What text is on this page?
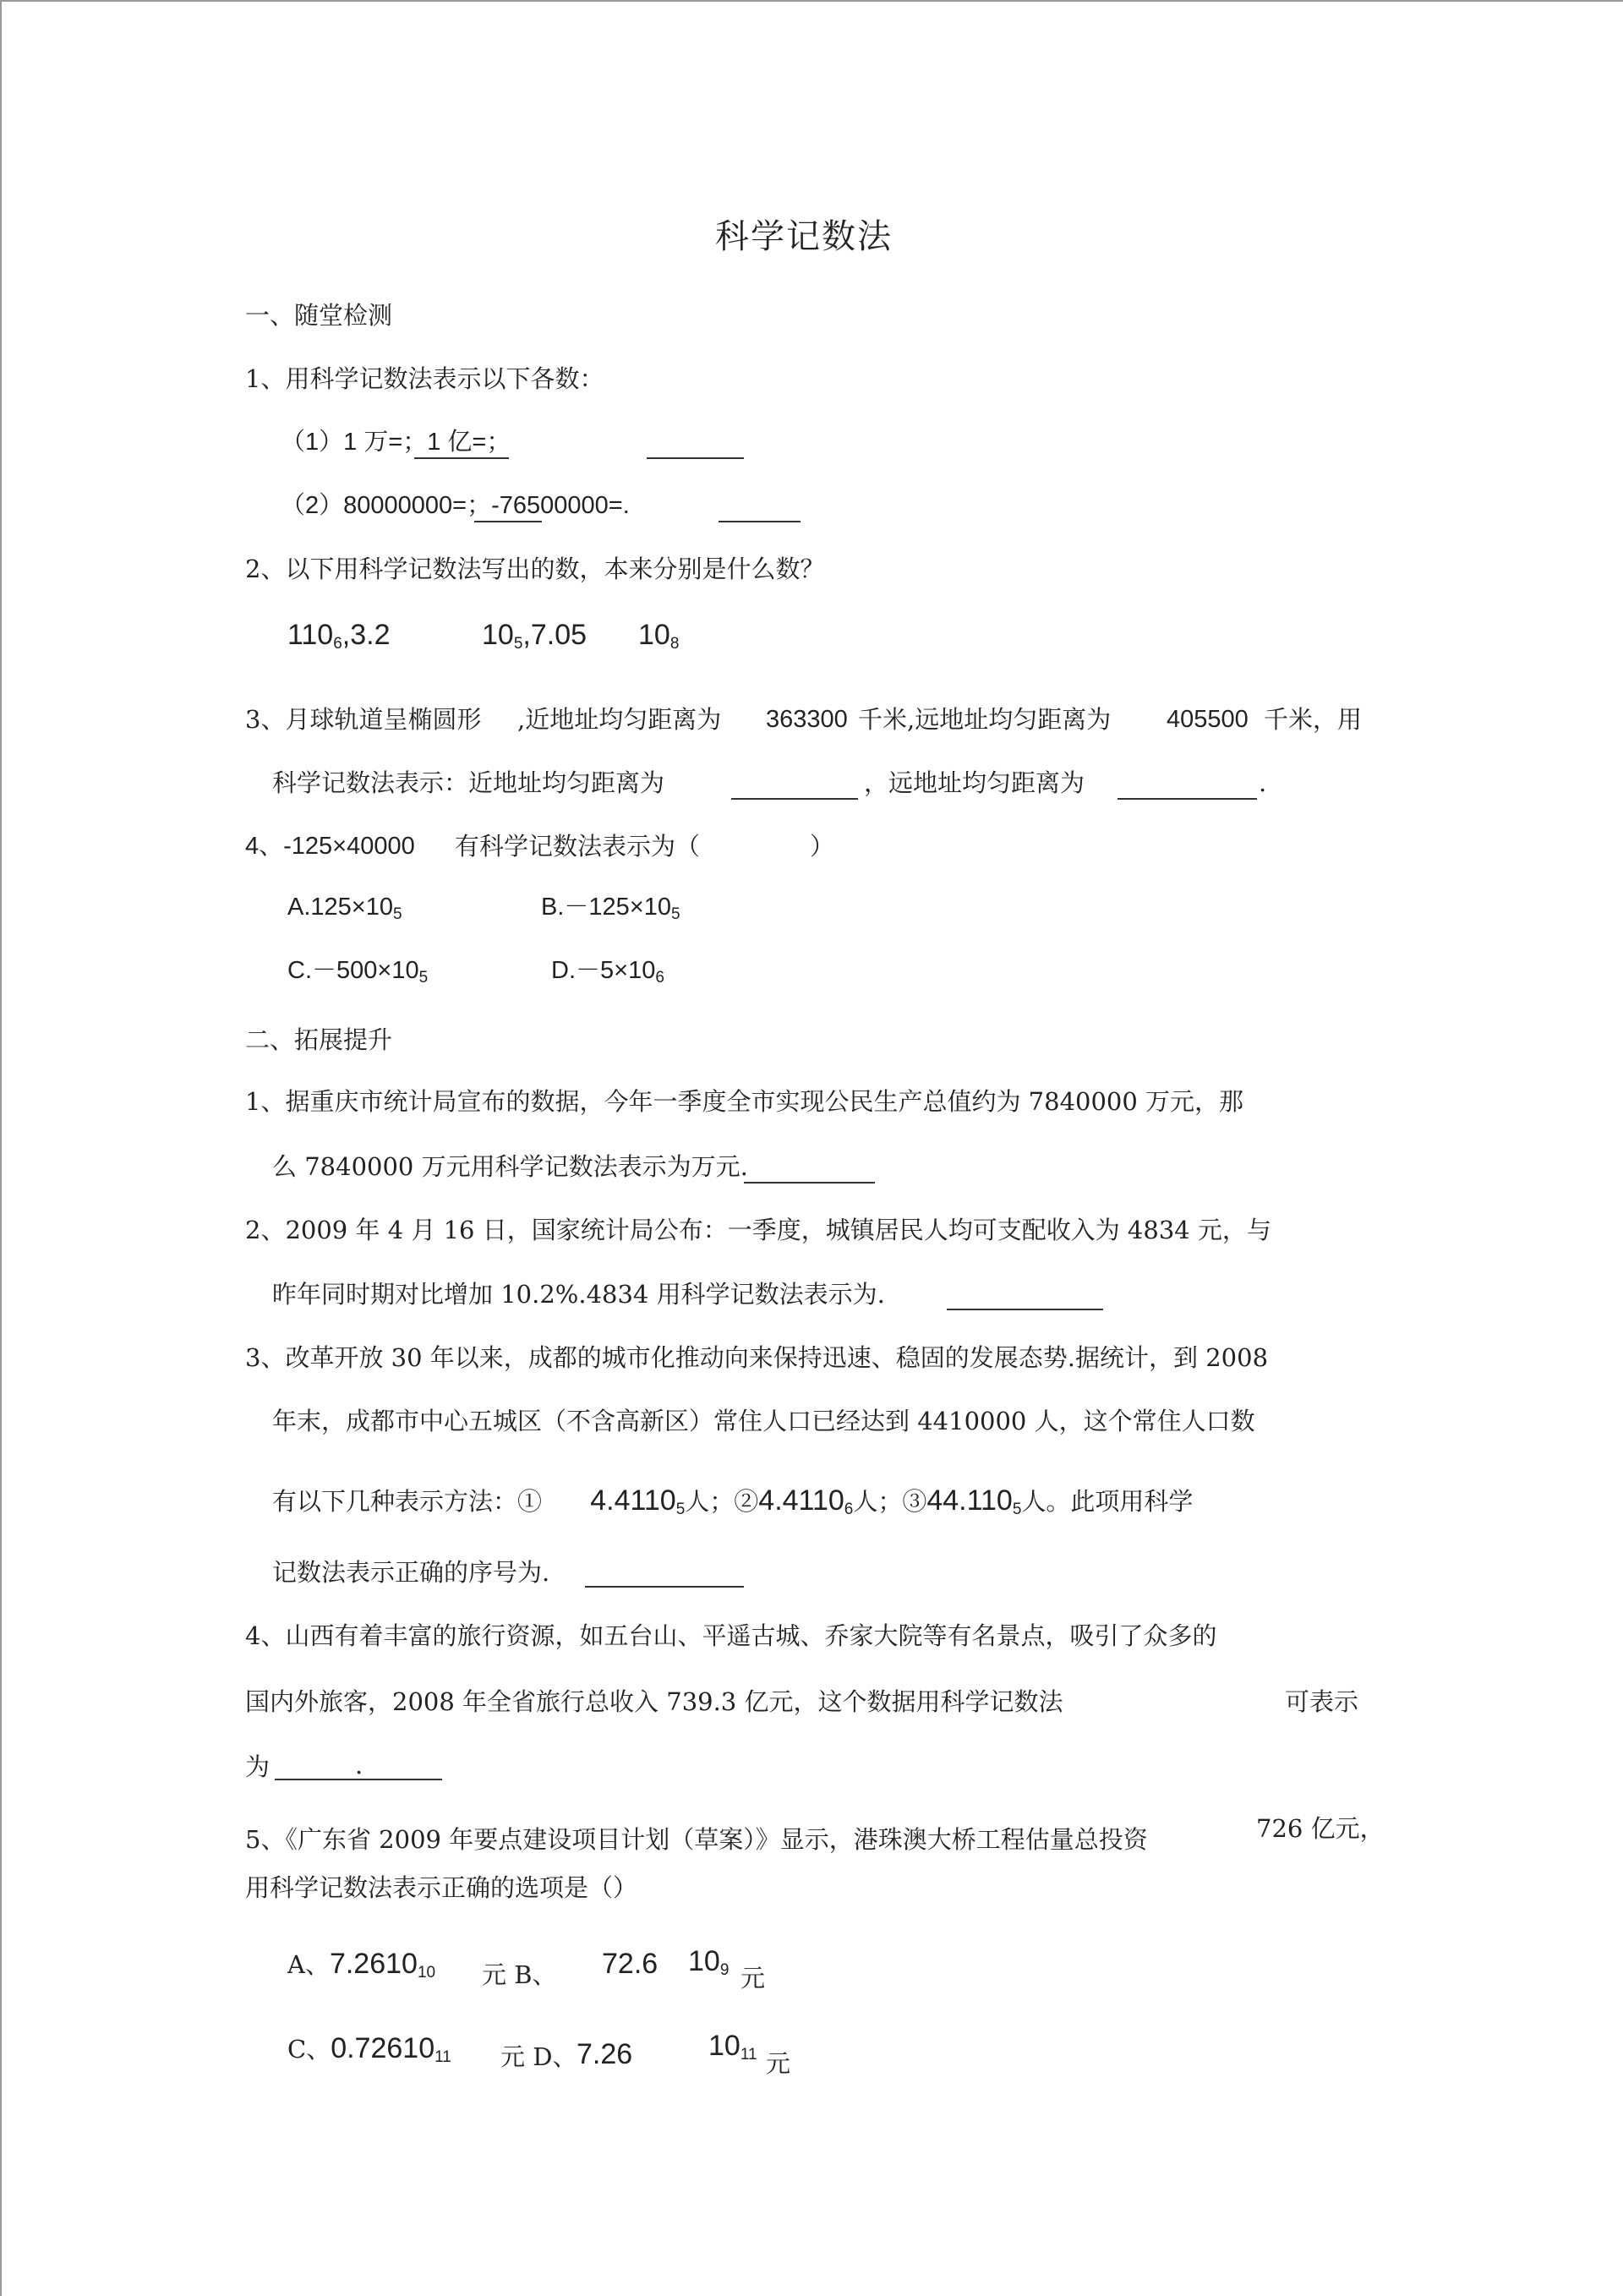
科学记数法
一、随堂检测
1、用科学记数法表示以下各数：
（1）1 万=；1 亿=；
（2）80000000=；-76500000=.
2、以下用科学记数法写出的数，本来分别是什么数？
$110_6,3.2$	$10_5,7.05$ $10_8$
3、月球轨道呈椭圆形 ,近地址均匀距离为 363300 千米,远地址均匀距离为 405500 千米，用
科学记数法表示：近地址均匀距离为	，远地址均匀距离为	.
4、-125×40000 有科学记数法表示为（	）
$A.125\times 10_5$	$B.-125\times 10_5$
$C.-500\times 10_5$	$D.-5\times 10_6$
二、拓展提升
1、据重庆市统计局宣布的数据，今年一季度全市实现公民生产总值约为 7840000 万元，那
么 7840000 万元用科学记数法表示为万元.
2、2009 年 4 月 16 日，国家统计局公布：一季度，城镇居民人均可支配收入为 4834 元，与
昨年同时期对比增加 10.2%.4834 用科学记数法表示为.
3、改革开放 30 年以来，成都的城市化推动向来保持迅速、稳固的发展态势.据统计，到 2008
年末，成都市中心五城区（不含高新区）常住人口已经达到 4410000 人，这个常住人口数
有以下几种表示方法：① $4.4110_5$人；$②4.4110_6$人；$③44.110_5$人。此项用科学
记数法表示正确的序号为.
4、山西有着丰富的旅行资源，如五台山、平遥古城、乔家大院等有名景点，吸引了众多的
国内外旅客，2008 年全省旅行总收入 739.3 亿元，这个数据用科学记数法	可表示
为	.
5、《广东省 2009 年要点建设项目计划（草案）》显示，港珠澳大桥工程估量总投资	726 亿元，
用科学记数法表示正确的选项是（）
A、$7.2610_{10}$ 元 B、 72.6 $10_9$ 元
C、$0.72610_{11}$ 元 D、 7.26	$10_{11}$ 元
